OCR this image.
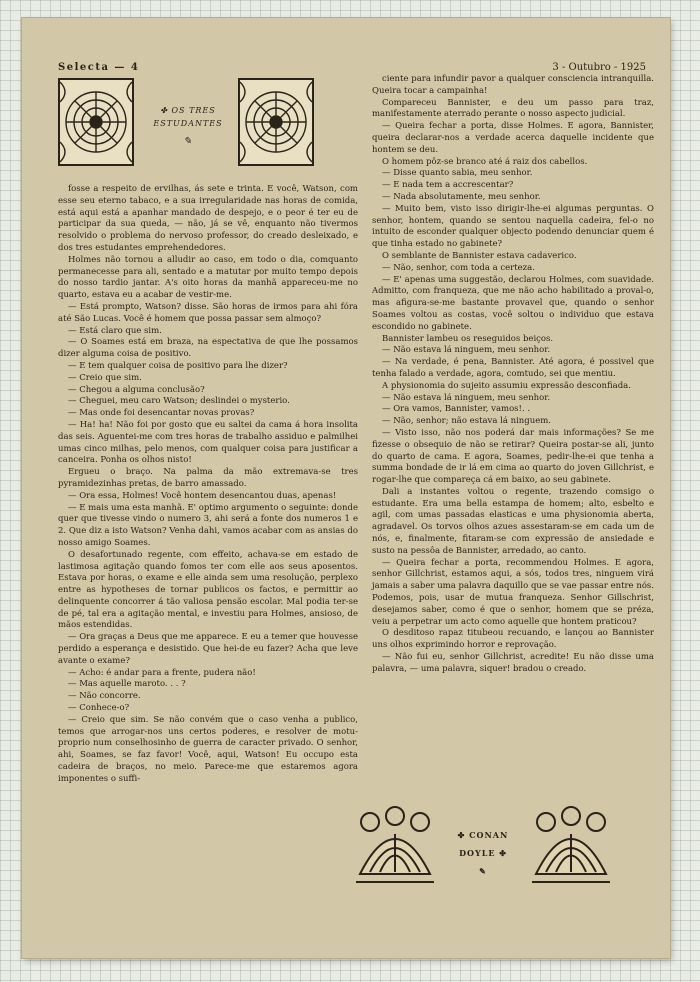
Selecta — 4	3 - Outubro - 1925
✤ OS TRES
ESTUDANTES
✎

fosse a respeito de ervilhas, ás sete e trinta. E você, Watson, com esse seu eterno tabaco, e a sua irregularidade nas horas de comida, está aqui está a apanhar mandado de despejo, e o peor é ter eu de participar da sua queda, — não, já se vê, enquanto não tivermos resolvido o problema do nervoso professor, do creado desleixado, e dos tres estudantes emprehendedores.

Holmes não tornou a alludir ao caso, em todo o dia, comquanto permanecesse para ali, sentado e a matutar por muito tempo depois do nosso tardio jantar. A's oito horas da manhã appareceu-me no quarto, estava eu a acabar de vestir-me.

— Está prompto, Watson? disse. São horas de irmos para ahi fóra até São Lucas. Você é homem que possa passar sem almoço?

— Está claro que sim.

— O Soames está em braza, na espectativa de que lhe possamos dizer alguma coisa de positivo.

— E tem qualquer coisa de positivo para lhe dizer?

— Creio que sim.

— Chegou a alguma conclusão?

— Cheguei, meu caro Watson; deslindei o mysterio.

— Mas onde foi desencantar novas provas?

— Ha! ha! Não foi por gosto que eu saltei da cama á hora insolita das seis. Aguentei-me com tres horas de trabalho assiduo e palmilhei umas cinco milhas, pelo menos, com qualquer coisa para justificar a canceira. Ponha os olhos nisto!

Ergueu o braço. Na palma da mão extremava-se tres pyramidezinhas pretas, de barro amassado.

— Ora essa, Holmes! Você hontem desencantou duas, apenas!

— E mais uma esta manhã. E' optimo argumento o seguinte: donde quer que tivesse vindo o numero 3, ahi será a fonte dos numeros 1 e 2. Que diz a isto Watson? Venha dahi, vamos acabar com as ansias do nosso amigo Soames.

O desafortunado regente, com effeito, achava-se em estado de lastimosa agitação quando fomos ter com elle aos seus aposentos. Estava por horas, o exame e elle ainda sem uma resolução, perplexo entre as hypotheses de tornar publicos os factos, e permittir ao delinquente concorrer á tão valiosa pensão escolar. Mal podia ter-se de pé, tal era a agitação mental, e investiu para Holmes, ansioso, de mãos estendidas.

— Ora graças a Deus que me apparece. E eu a temer que houvesse perdido a esperança e desistido. Que hei-de eu fazer? Acha que leve avante o exame?

— Acho: é andar para a frente, pudera não!

— Mas aquelle maroto. . . ?

— Não concorre.

— Conhece-o?

— Creio que sim. Se não convém que o caso venha a publico, temos que arrogar-nos uns certos poderes, e resolver de motu-proprio num conselhosinho de guerra de caracter privado. O senhor, ahi, Soames, se faz favor! Você, aqui, Watson! Eu occupo esta cadeira de braços, no meio. Parece-me que estaremos agora imponentes o suffi-

ciente para infundir pavor a qualquer consciencia intranquilla. Queira tocar a campainha!

Compareceu Bannister, e deu um passo para traz, manifestamente aterrado perante o nosso aspecto judicial.

— Queira fechar a porta, disse Holmes. E agora, Bannister, queira declarar-nos a verdade acerca daquelle incidente que hontem se deu.

O homem pôz-se branco até á raiz dos cabellos.

— Disse quanto sabia, meu senhor.

— E nada tem a accrescentar?

— Nada absolutamente, meu senhor.

— Muito bem, visto isso dirigir-lhe-ei algumas perguntas. O senhor, hontem, quando se sentou naquella cadeira, fel-o no intuito de esconder qualquer objecto podendo denunciar quem é que tinha estado no gabinete?

O semblante de Bannister estava cadaverico.

— Não, senhor, com toda a certeza.

— E' apenas uma suggestão, declarou Holmes, com suavidade. Admitto, com franqueza, que me não acho habilitado a proval-o, mas afigura-se-me bastante provavel que, quando o senhor Soames voltou as costas, você soltou o individuo que estava escondido no gabinete.

Bannister lambeu os reseguidos beiços.

— Não estava lá ninguem, meu senhor.

— Na verdade, é pena, Bannister. Até agora, é possivel que tenha falado a verdade, agora, comtudo, sei que mentiu.

A physionomia do sujeito assumiu expressão desconfiada.

— Não estava lá ninguem, meu senhor.

— Ora vamos, Bannister, vamos!. .

— Não, senhor; não estava lá ninguem.

— Visto isso, não nos poderá dar mais informações? Se me fizesse o obsequio de não se retirar? Queira postar-se ali, junto do quarto de cama. E agora, Soames, pedir-lhe-ei que tenha a summa bondade de ir lá em cima ao quarto do joven Gillchrist, e rogar-lhe que compareça cá em baixo, ao seu gabinete.

Dali a instantes voltou o regente, trazendo comsigo o estudante. Era uma bella estampa de homem; alto, esbelto e agil, com umas passadas elasticas e uma physionomia aberta, agradavel. Os torvos olhos azues assestaram-se em cada um de nós, e, finalmente, fitaram-se com expressão de ansiedade e susto na pessôa de Bannister, arredado, ao canto.

— Queira fechar a porta, recommendou Holmes. E agora, senhor Gillchrist, estamos aqui, a sós, todos tres, ninguem virá jamais a saber uma palavra daquillo que se vae passar entre nós. Podemos, pois, usar de mutua franqueza. Senhor Gillschrist, desejamos saber, como é que o senhor, homem que se préza, veiu a perpetrar um acto como aquelle que hontem praticou?

O desditoso rapaz titubeou recuando, e lançou ao Bannister uns olhos exprimindo horror e reprovação.

— Não fui eu, senhor Gillchrist, acredite! Eu não disse uma palavra, — uma palavra, siquer! bradou o creado.

✤ CONAN
DOYLE ✤
✎
